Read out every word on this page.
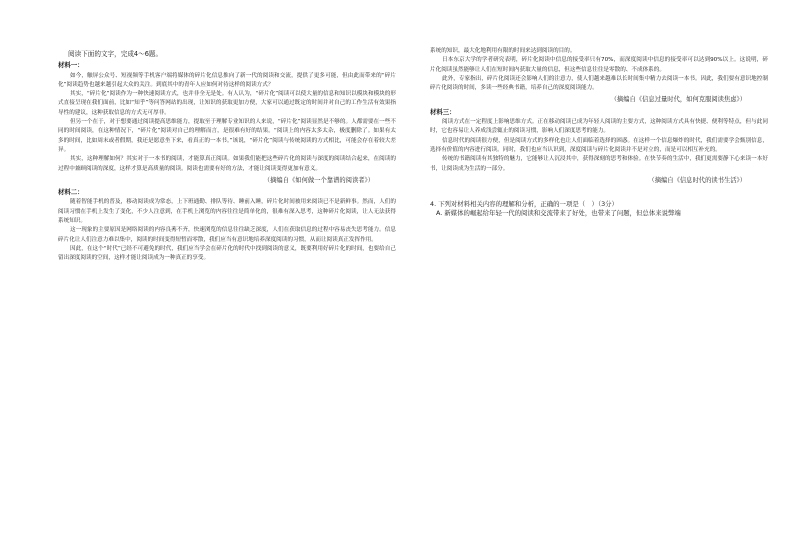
阅读下面的文字，完成4～6题。
材料一：

如今，触屏公众号、短视频等手机客户端将媒体的碎片化信息推向了新一代的阅读和交流，提供了更多可能，但由此而带来的“碎片化”阅读趋势也越来越引起大众的关注。到底其中的青年人应如何对待这样的阅读方式？

其实，“碎片化”阅读作为一种快速阅读方式，也并非全无是处。有人认为，“碎片化”阅读可以使大量的信息和知识以模块和模块的形式直接呈现在我们面前，比如“知乎”等问答网站的出现，让知识的获取更加方便，大家可以通过既定的时间并对自己的工作生活有效果指导性的建议，这种获取信息的方式无可厚非。

但另一个在于，对于想要通过阅读提高思维能力，提取至于理解专业知识的人来说，“碎片化”阅读显然是不够的。人都需要在一些不同的时间阅读，在这种情况下，“碎片化”阅读对自己的理解而言，是很难有好的结果。“阅读上的内容太多太杂，极度删除了。如果有太多的时间，比如周末或者假期，我还是愿意坐下来，看真正的一本书。”该说，“碎片化”阅读与传统阅读的方式相比，可能会存在着较大差异。

其实，这种理解如何？其实对于一本书的阅读，才能算真正阅读。如果我们能把这些碎片化的阅读与深度的阅读结合起来，在阅读的过程中兼顾阅读的深度，这样才算是高质量的阅读。阅读也需要有好的方法，才能让阅读变得更加有意义。

（摘编自《如何做一个靠谱的阅读者》）
材料二：

随着智能手机的普及，移动阅读成为常态，上下班通勤、排队等待、睡前入睡，碎片化时间被用来阅读已不是新鲜事。然而，人们的阅读习惯在手机上发生了变化，不少人注意到，在手机上浏览的内容往往是简单化的，很难有深入思考，这种碎片化阅读，让人无法获得系统知识。

这一现象的主要原因是网络阅读的内容良莠不齐，快速浏览的信息往往缺乏深度，人们在获取信息的过程中容易丧失思考能力。信息碎片化让人们注意力难以集中，阅读的时间变得短暂而零散，我们应当有意识地培养深度阅读的习惯，从而让阅读真正发挥作用。

因此，在这个“时代”已经不可避免的时代，我们应当学会在碎片化的时代中找到阅读的意义，既要利用好碎片化的时间，也要给自己留出深度阅读的空间，这样才能让阅读成为一种真正的享受。

系统的知识，最大化地利用有限的时间来达到阅读的目的。

日本东京大学的学者研究表明，碎片化阅读中信息的接受率只有70%，而深度阅读中信息的接受率可以达到90%以上。这说明，碎片化阅读虽然能够让人们在短时间内获取大量的信息，但这些信息往往是零散的、不成体系的。

此外，专家指出，碎片化阅读还会影响人们的注意力，使人们越来越难以长时间集中精力去阅读一本书。因此，我们要有意识地控制碎片化阅读的时间，多读一些经典书籍，培养自己的深度阅读能力。

（摘编自《信息过量时代，如何克服阅读焦虑》）
材料三：

阅读方式在一定程度上影响思维方式。正在移动阅读已成为年轻人阅读的主要方式，这种阅读方式具有快捷、便利等特点，但与此同时，它也容易让人养成浅尝辄止的阅读习惯，影响人们深度思考的能力。

信息时代的阅读很方便，但是阅读方式的多样化也让人们面临着选择的困惑。在这样一个信息爆炸的时代，我们需要学会甄别信息，选择有价值的内容进行阅读。同时，我们也应当认识到，深度阅读与碎片化阅读并不是对立的，而是可以相互补充的。

传统的书籍阅读有其独特的魅力，它能够让人沉浸其中，获得深刻的思考和体验。在快节奏的生活中，我们更需要静下心来读一本好书，让阅读成为生活的一部分。

（摘编自《信息时代的读书生活》）
4. 下列对材料相关内容的理解和分析，正确的一项是（　）（3分）
A. 新媒体的崛起给年轻一代的阅读和交流带来了好处，也带来了问题，但总体来说弊端
